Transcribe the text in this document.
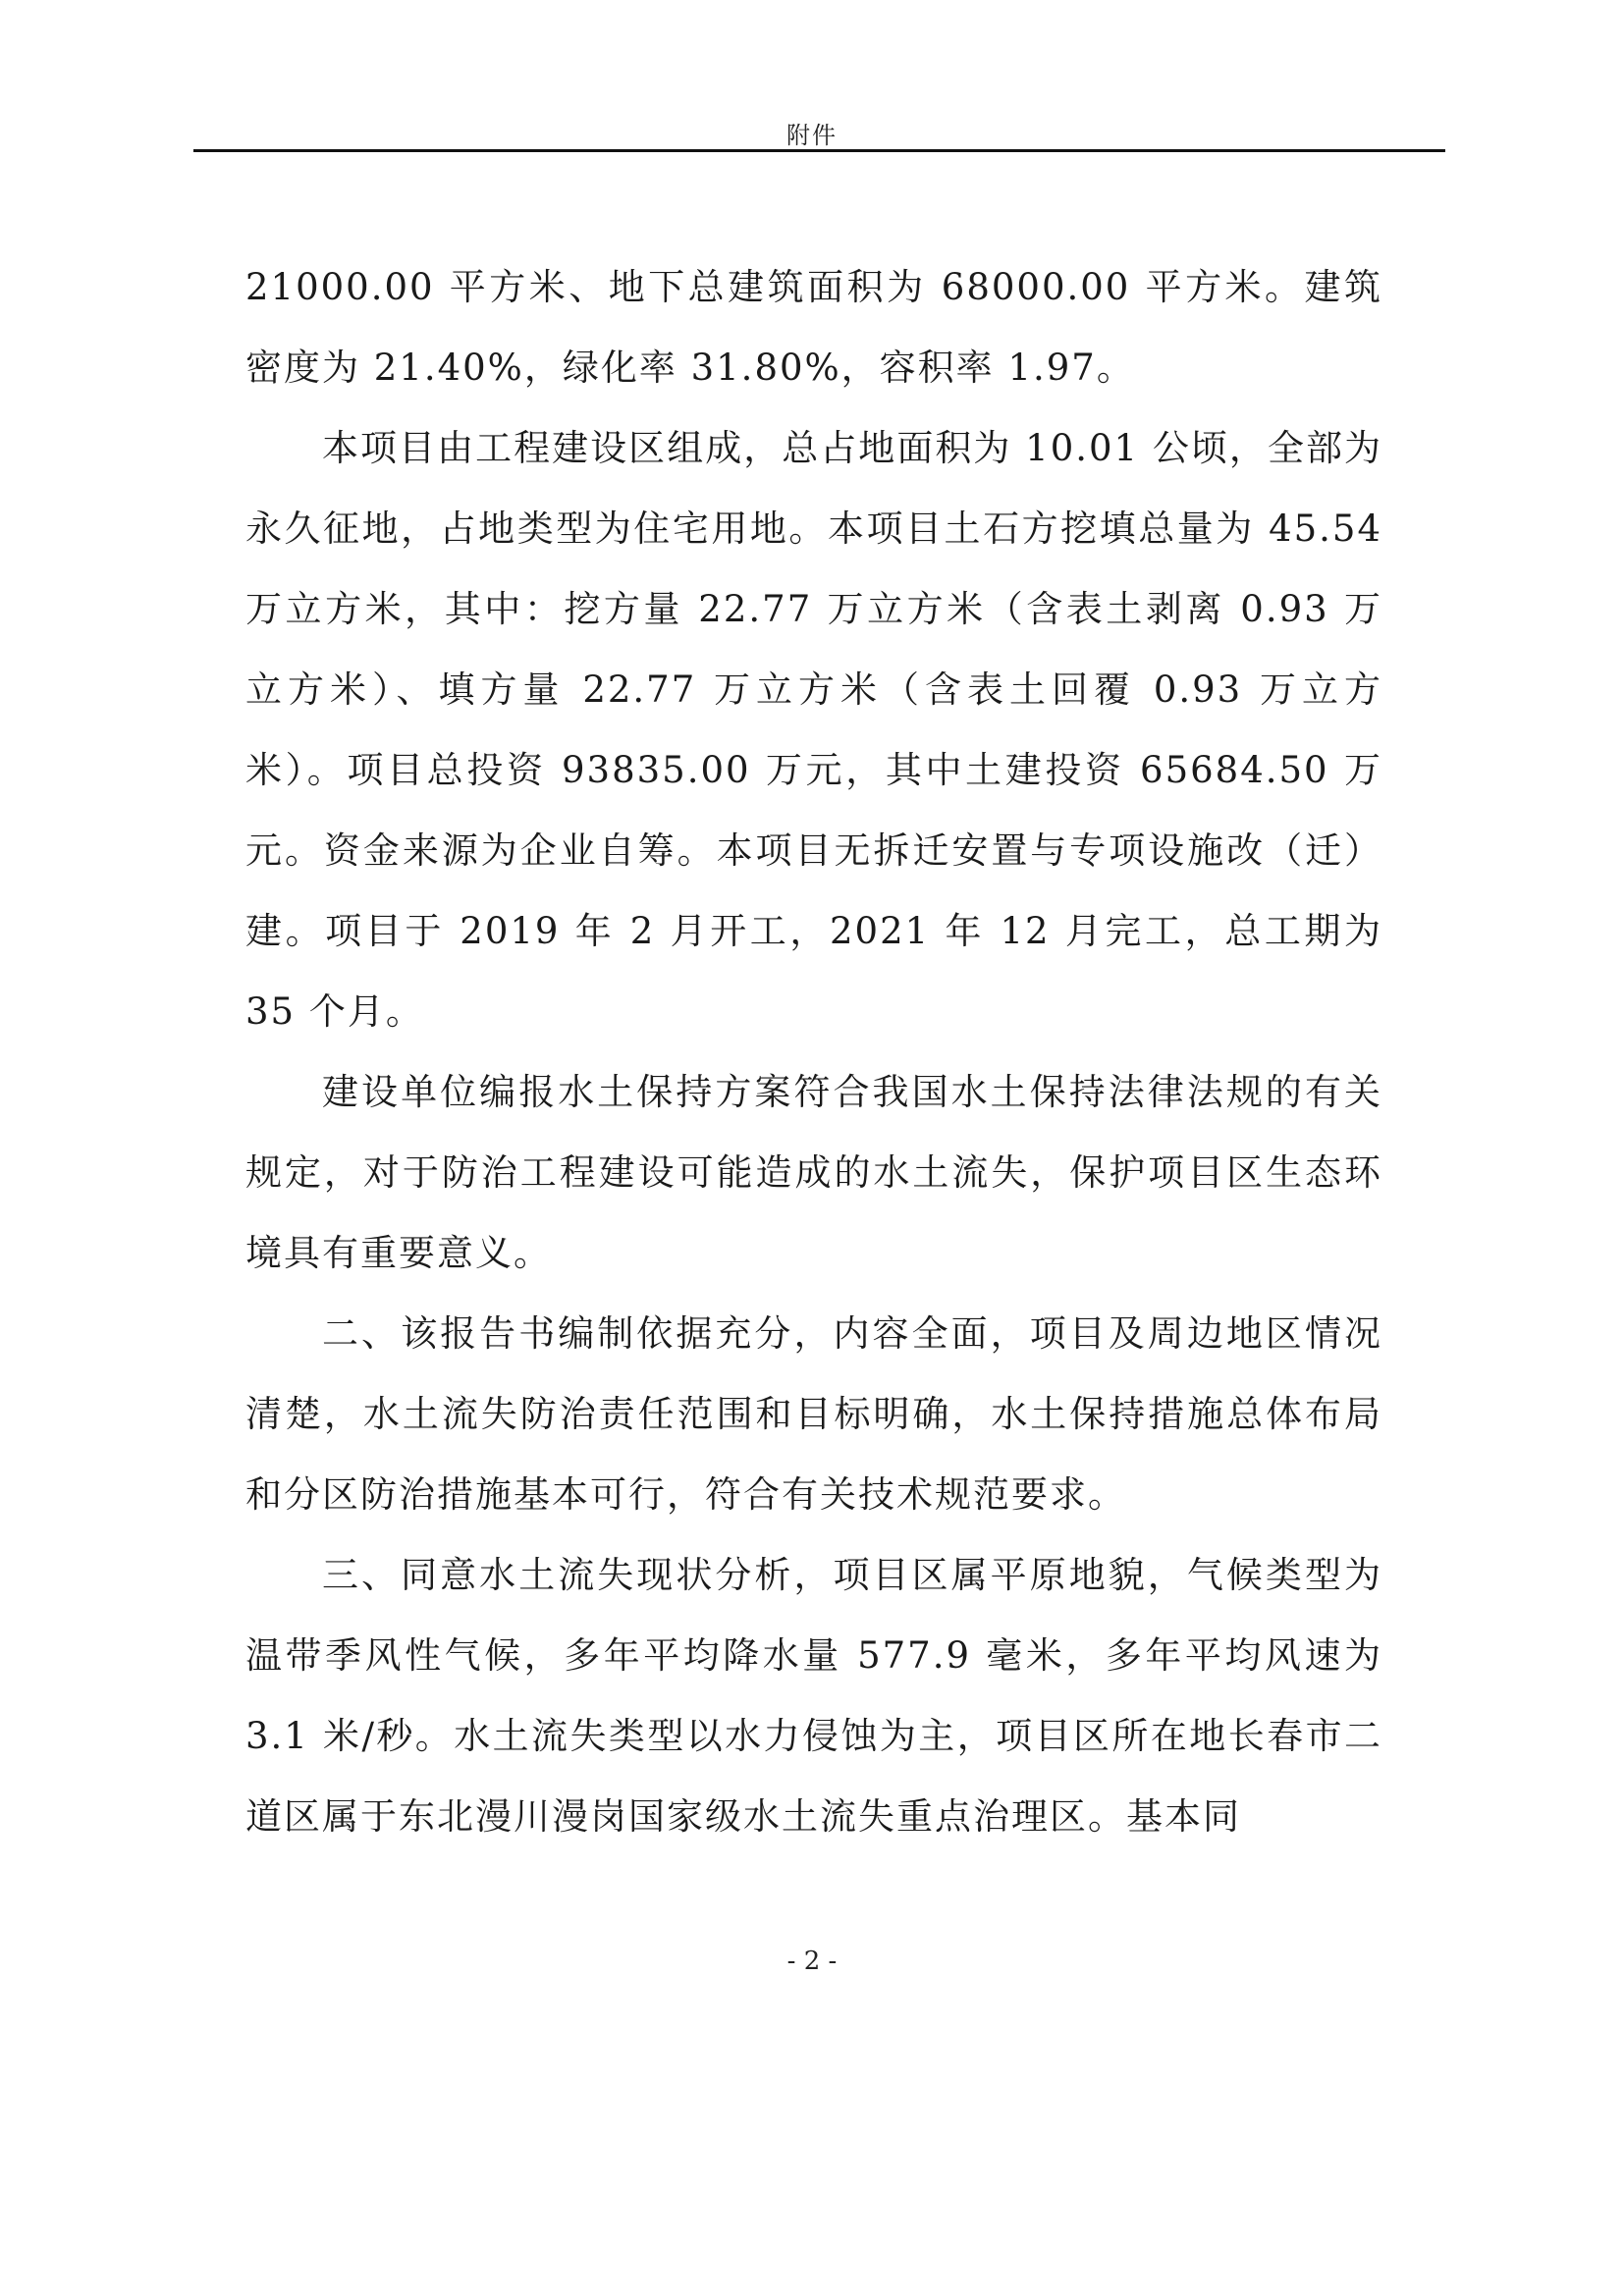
附件

21000.00 平方米、地下总建筑面积为 68000.00 平方米。建筑密度为 21.40%，绿化率 31.80%，容积率 1.97。

本项目由工程建设区组成，总占地面积为 10.01 公顷，全部为永久征地，占地类型为住宅用地。本项目土石方挖填总量为 45.54 万立方米，其中：挖方量 22.77 万立方米（含表土剥离 0.93 万立方米）、填方量 22.77 万立方米（含表土回覆 0.93 万立方米）。项目总投资 93835.00 万元，其中土建投资 65684.50 万元。资金来源为企业自筹。本项目无拆迁安置与专项设施改（迁）建。项目于 2019 年 2 月开工，2021 年 12 月完工，总工期为 35 个月。

建设单位编报水土保持方案符合我国水土保持法律法规的有关规定，对于防治工程建设可能造成的水土流失，保护项目区生态环境具有重要意义。

二、该报告书编制依据充分，内容全面，项目及周边地区情况清楚，水土流失防治责任范围和目标明确，水土保持措施总体布局和分区防治措施基本可行，符合有关技术规范要求。

三、同意水土流失现状分析，项目区属平原地貌，气候类型为温带季风性气候，多年平均降水量 577.9 毫米，多年平均风速为 3.1 米/秒。水土流失类型以水力侵蚀为主，项目区所在地长春市二道区属于东北漫川漫岗国家级水土流失重点治理区。基本同

- 2 -
